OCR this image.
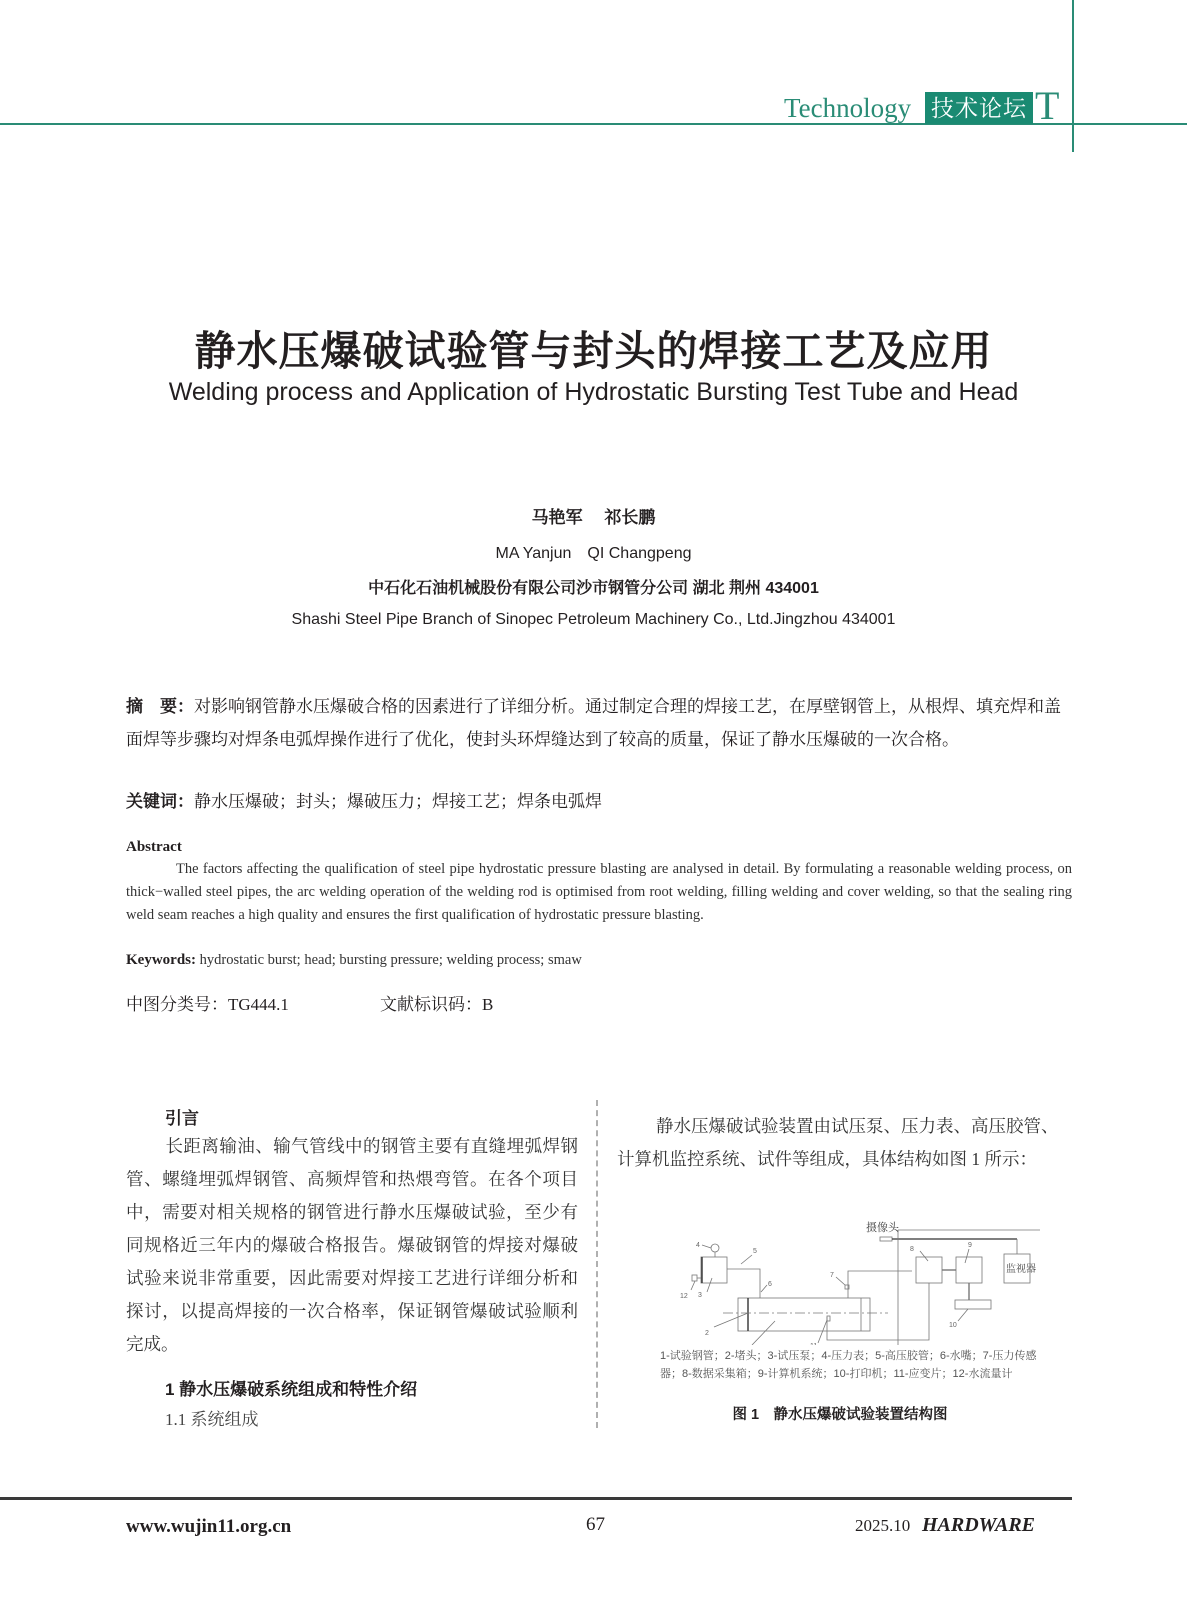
Technology 技术论坛 T
静水压爆破试验管与封头的焊接工艺及应用
Welding process and Application of Hydrostatic Bursting Test Tube and Head
马艳军　 祁长鹏
MA Yanjun　QI Changpeng
中石化石油机械股份有限公司沙市钢管分公司 湖北 荆州 434001
Shashi Steel Pipe Branch of Sinopec Petroleum Machinery Co., Ltd.Jingzhou 434001
摘　要：对影响钢管静水压爆破合格的因素进行了详细分析。通过制定合理的焊接工艺，在厚壁钢管上，从根焊、填充焊和盖面焊等步骤均对焊条电弧焊操作进行了优化，使封头环焊缝达到了较高的质量，保证了静水压爆破的一次合格。
关键词：静水压爆破；封头；爆破压力；焊接工艺；焊条电弧焊
Abstract
The factors affecting the qualification of steel pipe hydrostatic pressure blasting are analysed in detail. By formulating a reasonable welding process, on thick−walled steel pipes, the arc welding operation of the welding rod is optimised from root welding, filling welding and cover welding, so that the sealing ring weld seam reaches a high quality and ensures the first qualification of hydrostatic pressure blasting.
Keywords: hydrostatic burst; head; bursting pressure; welding process; smaw
中图分类号：TG444.1	文献标识码：B
引言
长距离输油、输气管线中的钢管主要有直缝埋弧焊钢管、螺缝埋弧焊钢管、高频焊管和热煨弯管。在各个项目中，需要对相关规格的钢管进行静水压爆破试验，至少有同规格近三年内的爆破合格报告。爆破钢管的焊接对爆破试验来说非常重要，因此需要对焊接工艺进行详细分析和探讨，以提高焊接的一次合格率，保证钢管爆破试验顺利完成。
1 静水压爆破系统组成和特性介绍
1.1 系统组成
静水压爆破试验装置由试压泵、压力表、高压胶管、计算机监控系统、试件等组成，具体结构如图 1 所示：
2
3
4
5
6
7
8
9
10
12
摄像头
监视器
1-试验钢管；2-堵头；3-试压泵；4-压力表；5-高压胶管；6-水嘴；7-压力传感器；8-数据采集箱；9-计算机系统；10-打印机；11-应变片；12-水流量计
图 1　静水压爆破试验装置结构图
www.wujin11.org.cn	67	2025.10 HARDWARE
